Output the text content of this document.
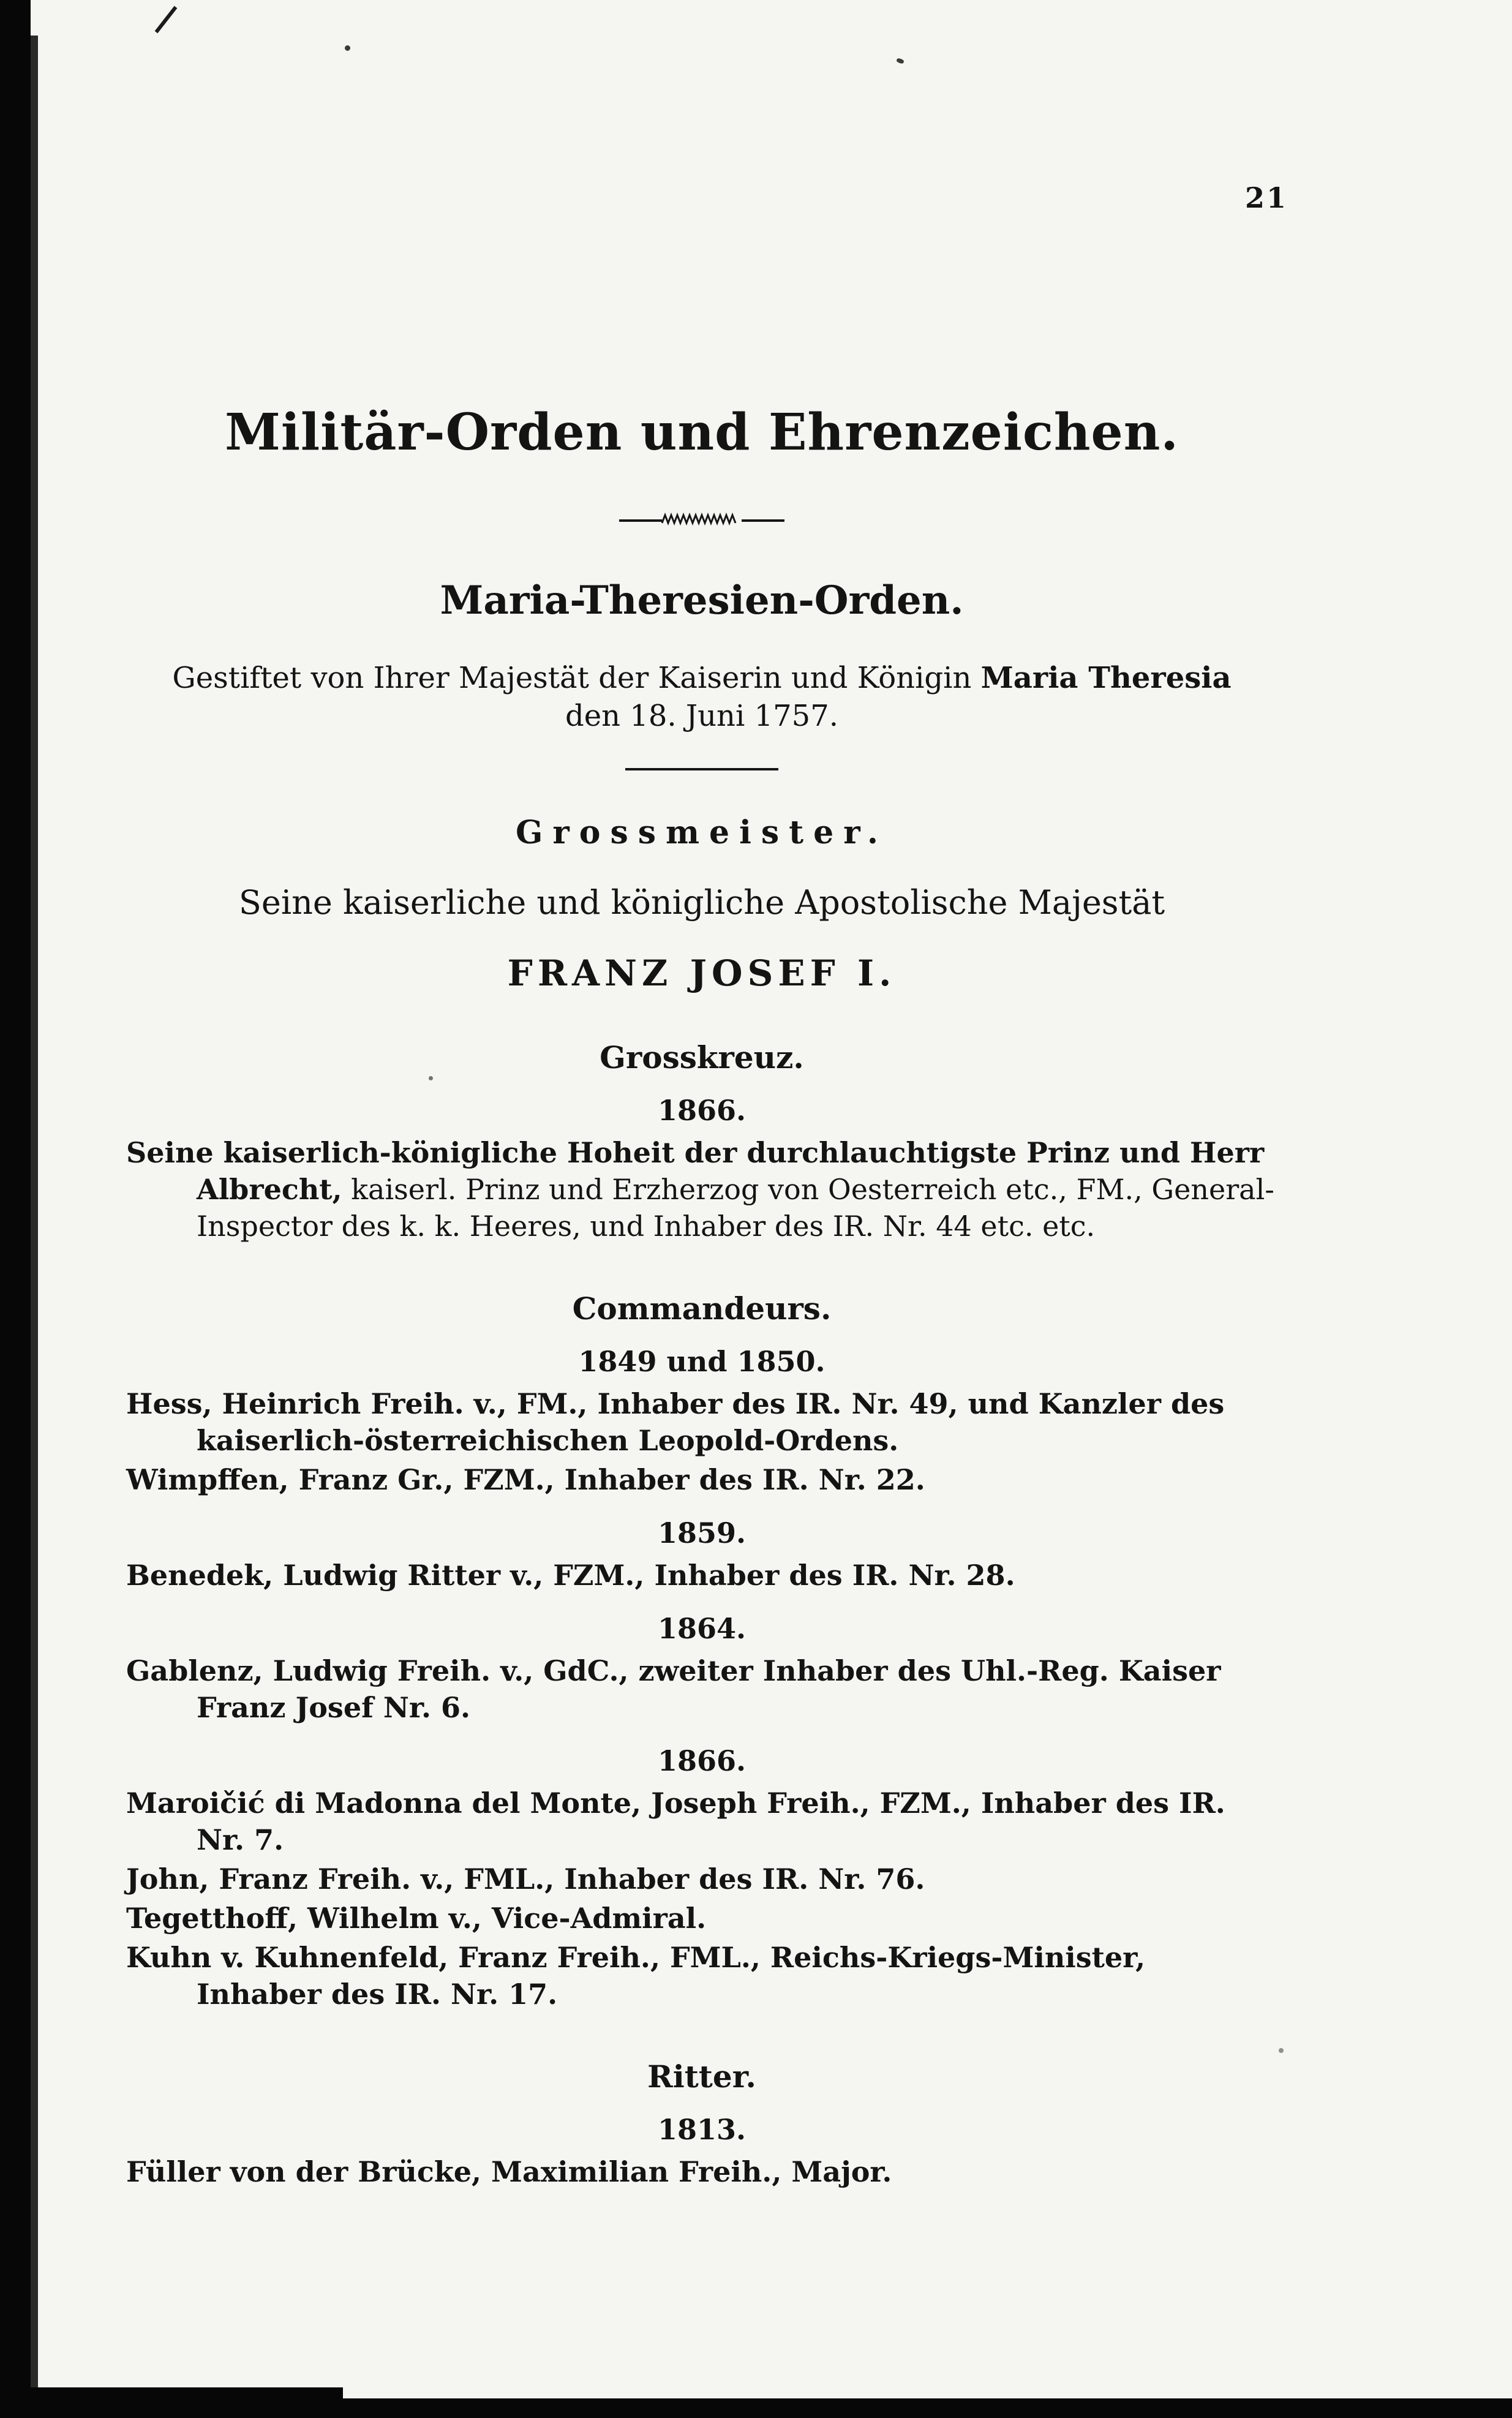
21
Militär-Orden und Ehrenzeichen.
Maria-Theresien-Orden.

Gestiftet von Ihrer Majestät der Kaiserin und Königin Maria Theresia
den 18. Juni 1757.

Grossmeister.

Seine kaiserliche und königliche Apostolische Majestät

FRANZ JOSEF I.

Grosskreuz.

1866.

Seine kaiserlich-königliche Hoheit der durchlauchtigste Prinz und Herr Albrecht, kaiserl. Prinz und Erzherzog von Oesterreich etc., FM., General-Inspector des k. k. Heeres, und Inhaber des IR. Nr. 44 etc. etc.

Commandeurs.

1849 und 1850.

Hess, Heinrich Freih. v., FM., Inhaber des IR. Nr. 49, und Kanzler des kaiserlich-österreichischen Leopold-Ordens.

Wimpffen, Franz Gr., FZM., Inhaber des IR. Nr. 22.

1859.

Benedek, Ludwig Ritter v., FZM., Inhaber des IR. Nr. 28.

1864.

Gablenz, Ludwig Freih. v., GdC., zweiter Inhaber des Uhl.-Reg. Kaiser Franz Josef Nr. 6.

1866.

Maroičić di Madonna del Monte, Joseph Freih., FZM., Inhaber des IR. Nr. 7.

John, Franz Freih. v., FML., Inhaber des IR. Nr. 76.

Tegetthoff, Wilhelm v., Vice-Admiral.

Kuhn v. Kuhnenfeld, Franz Freih., FML., Reichs-Kriegs-Minister, Inhaber des IR. Nr. 17.

Ritter.

1813.

Füller von der Brücke, Maximilian Freih., Major.
